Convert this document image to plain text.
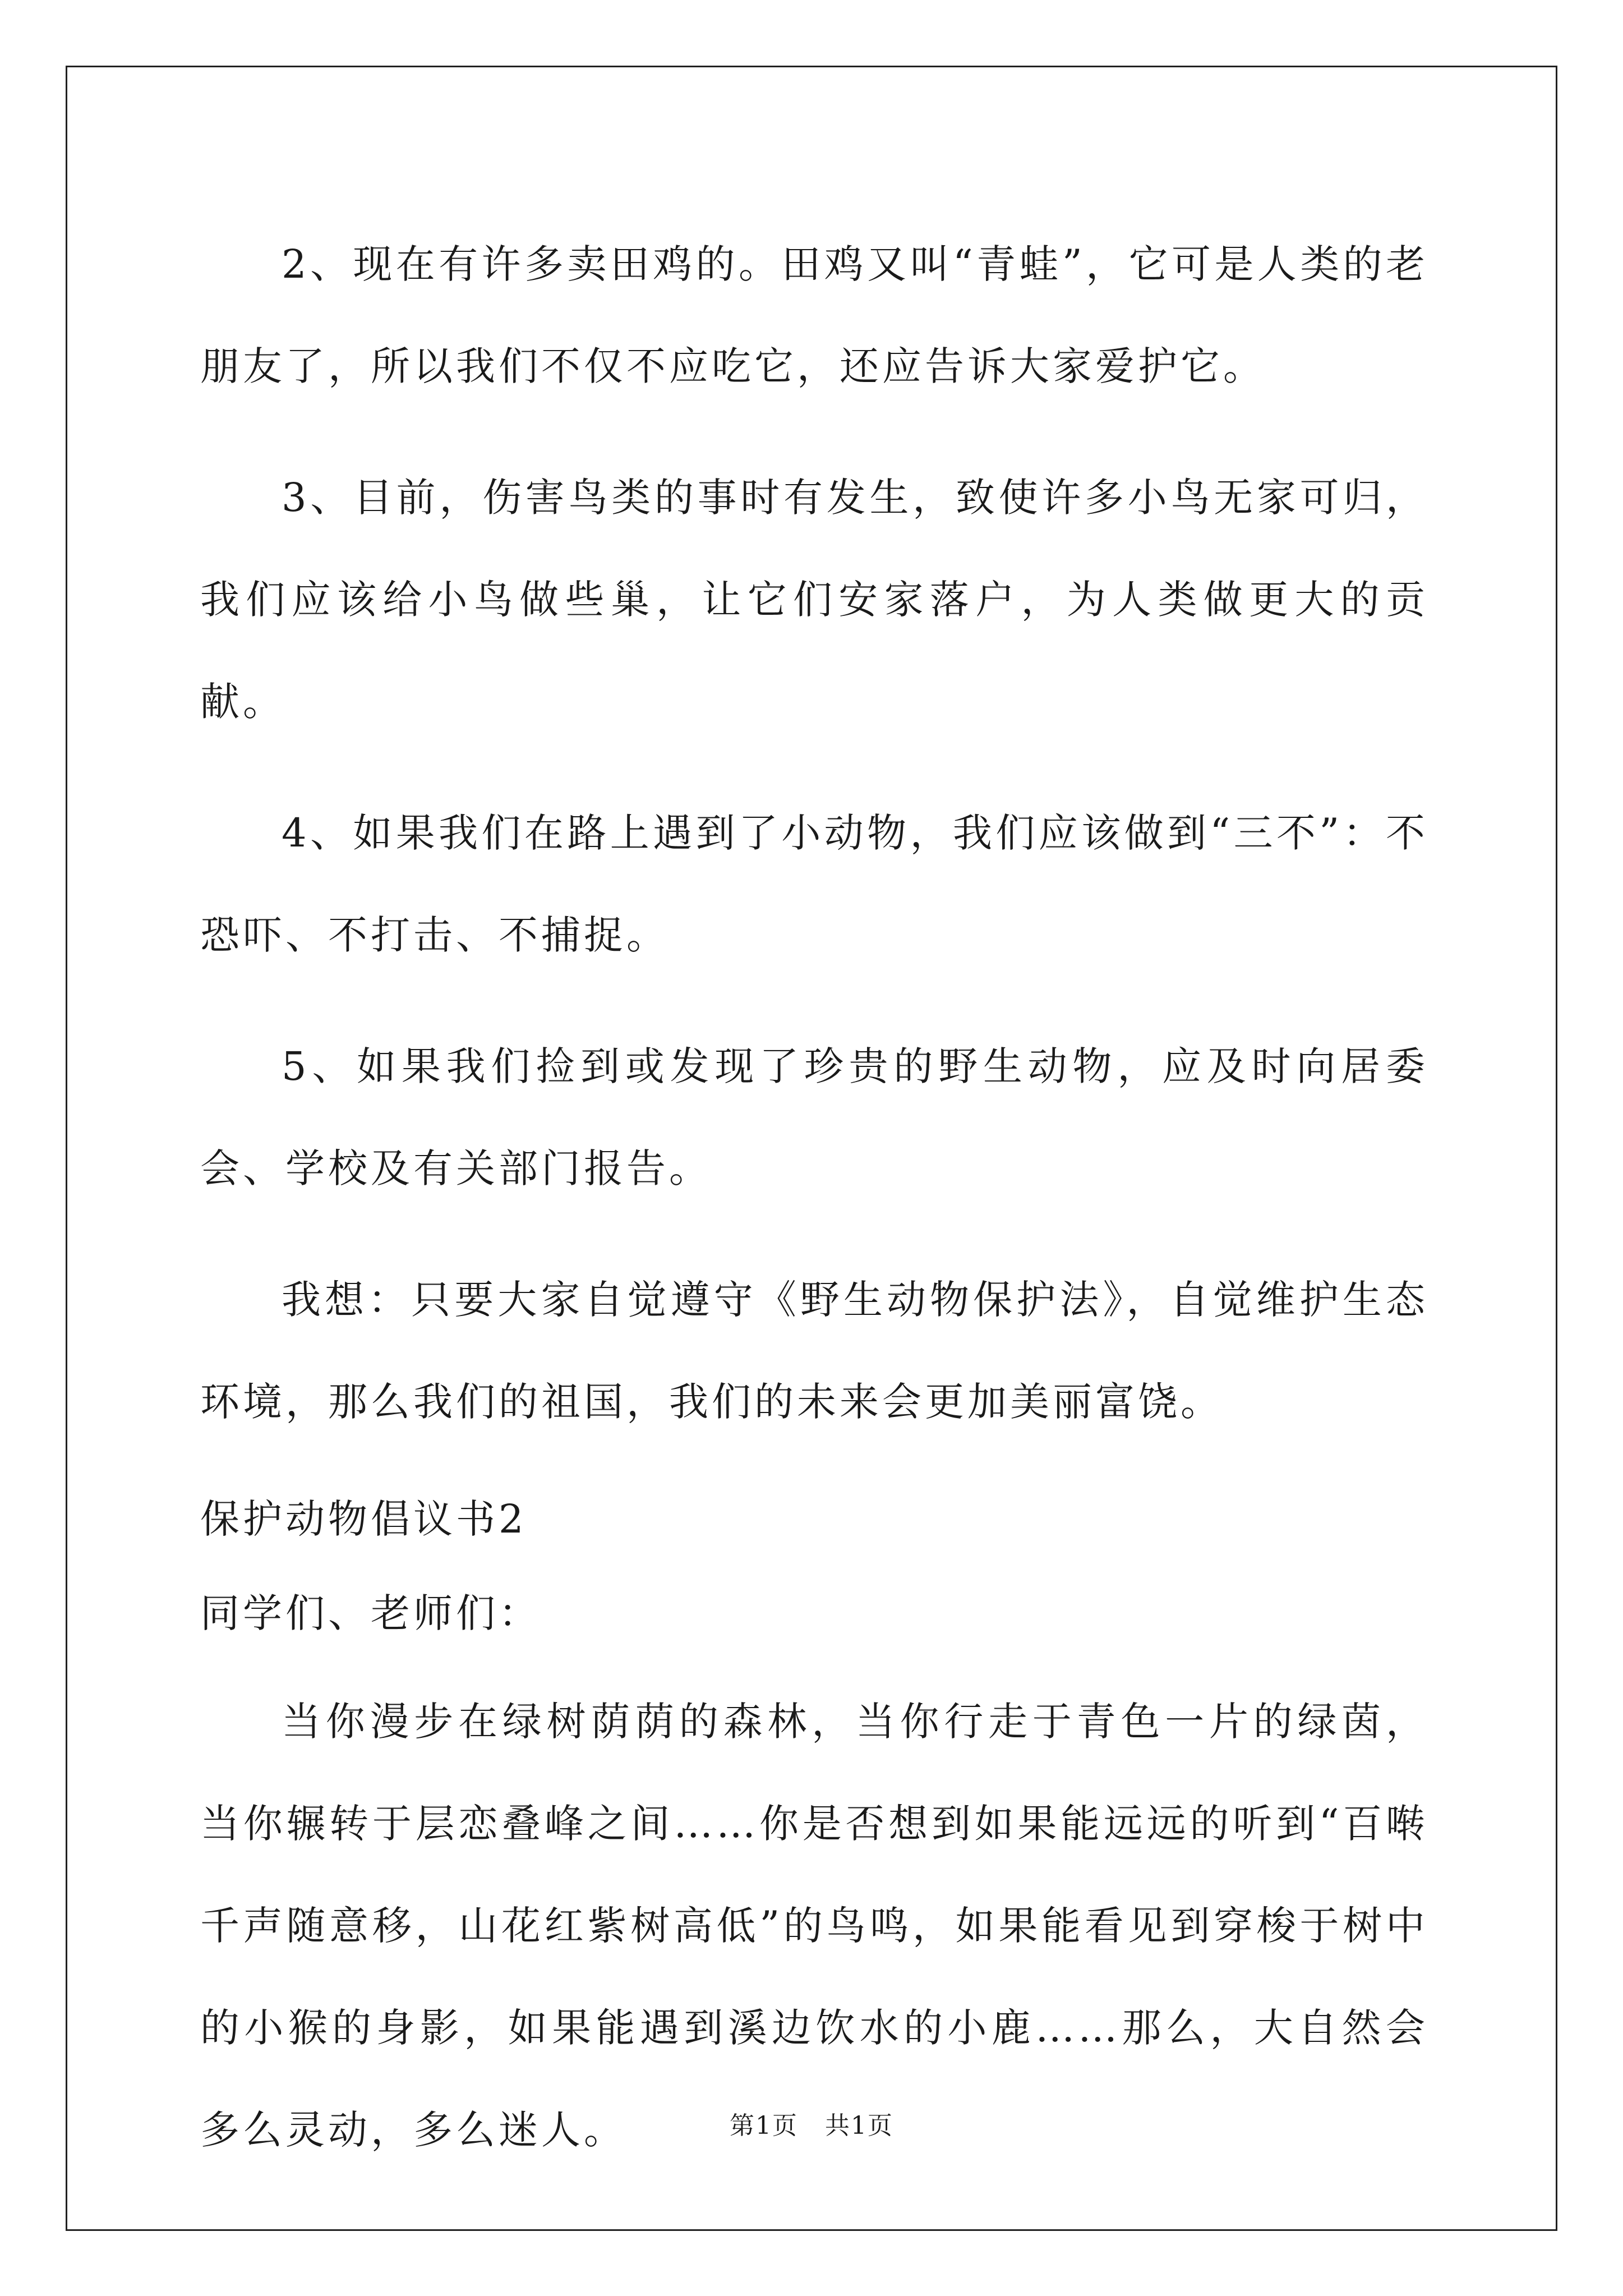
2、现在有许多卖田鸡的。田鸡又叫“青蛙”，它可是人类的老朋友了，所以我们不仅不应吃它，还应告诉大家爱护它。

3、目前，伤害鸟类的事时有发生，致使许多小鸟无家可归，我们应该给小鸟做些巢，让它们安家落户，为人类做更大的贡献。

4、如果我们在路上遇到了小动物，我们应该做到“三不”：不恐吓、不打击、不捕捉。

5、如果我们捡到或发现了珍贵的野生动物，应及时向居委会、学校及有关部门报告。

我想：只要大家自觉遵守《野生动物保护法》，自觉维护生态环境，那么我们的祖国，我们的未来会更加美丽富饶。

保护动物倡议书2
同学们、老师们：

当你漫步在绿树荫荫的森林，当你行走于青色一片的绿茵，当你辗转于层恋叠峰之间……你是否想到如果能远远的听到“百啭千声随意移，山花红紫树高低”的鸟鸣，如果能看见到穿梭于树中的小猴的身影，如果能遇到溪边饮水的小鹿……那么，大自然会多么灵动，多么迷人。	第1页 共1页
